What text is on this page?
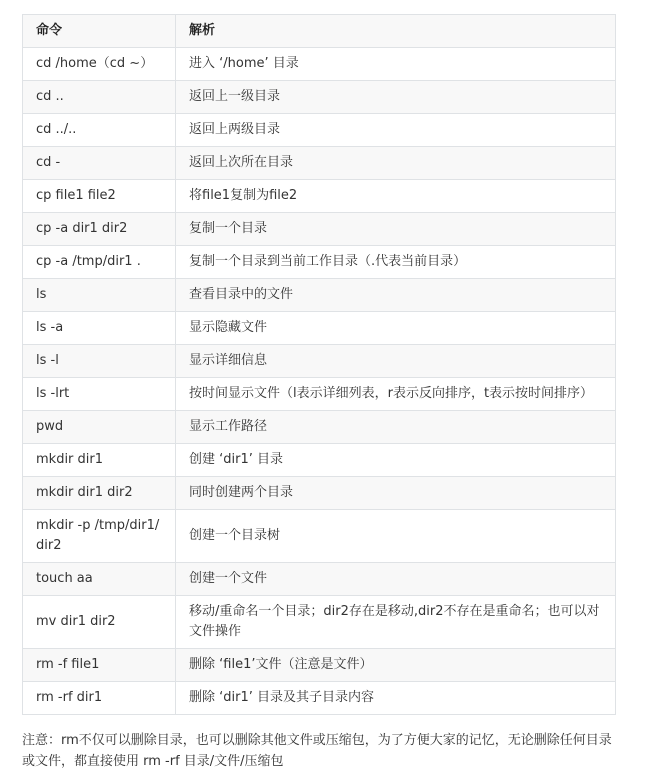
命令	解析
cd /home（cd ~）	进入 ‘/home’ 目录
cd ..	返回上一级目录
cd ../..	返回上两级目录
cd -	返回上次所在目录
cp file1 file2	将file1复制为file2
cp -a dir1 dir2	复制一个目录
cp -a /tmp/dir1 .	复制一个目录到当前工作目录（.代表当前目录）
ls	查看目录中的文件
ls -a	显示隐藏文件
ls -l	显示详细信息
ls -lrt	按时间显示文件（l表示详细列表，r表示反向排序，t表示按时间排序）
pwd	显示工作路径
mkdir dir1	创建 ‘dir1’ 目录
mkdir dir1 dir2	同时创建两个目录
mkdir -p /tmp/dir1/dir2	创建一个目录树
touch aa	创建一个文件
mv dir1 dir2	移动/重命名一个目录；dir2存在是移动,dir2不存在是重命名；也可以对文件操作
rm -f file1	删除 ‘file1’文件（注意是文件）
rm -rf dir1	删除 ‘dir1’ 目录及其子目录内容
注意：rm不仅可以删除目录，也可以删除其他文件或压缩包，为了方便大家的记忆，无论删除任何目录或文件，都直接使用 rm -rf 目录/文件/压缩包
